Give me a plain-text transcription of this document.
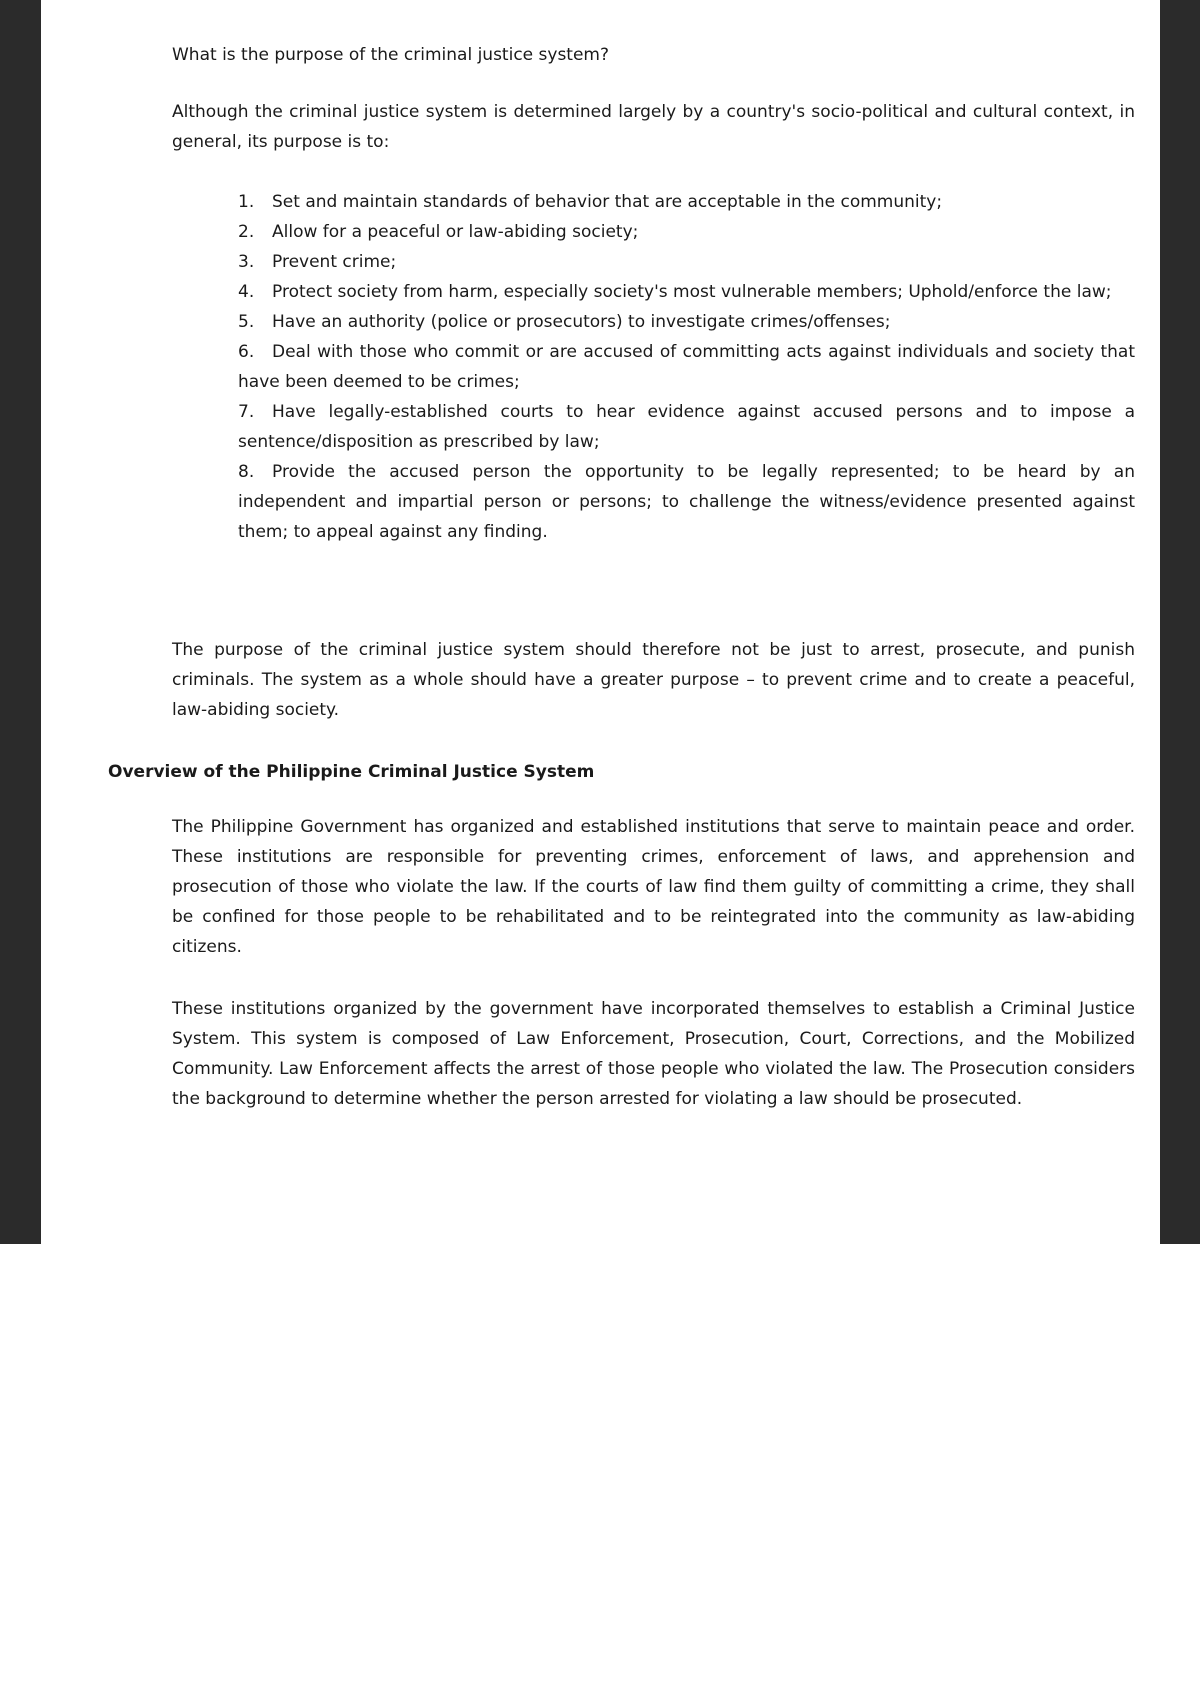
What is the purpose of the criminal justice system?

Although the criminal justice system is determined largely by a country's socio-political and cultural context, in general, its purpose is to:

1. Set and maintain standards of behavior that are acceptable in the community;
2. Allow for a peaceful or law-abiding society;
3. Prevent crime;
4. Protect society from harm, especially society's most vulnerable members; Uphold/enforce the law;
5. Have an authority (police or prosecutors) to investigate crimes/offenses;
6. Deal with those who commit or are accused of committing acts against individuals and society that have been deemed to be crimes;
7. Have legally-established courts to hear evidence against accused persons and to impose a sentence/disposition as prescribed by law;
8. Provide the accused person the opportunity to be legally represented; to be heard by an independent and impartial person or persons; to challenge the witness/evidence presented against them; to appeal against any finding.

The purpose of the criminal justice system should therefore not be just to arrest, prosecute, and punish criminals. The system as a whole should have a greater purpose – to prevent crime and to create a peaceful, law-abiding society.

Overview of the Philippine Criminal Justice System

The Philippine Government has organized and established institutions that serve to maintain peace and order. These institutions are responsible for preventing crimes, enforcement of laws, and apprehension and prosecution of those who violate the law. If the courts of law find them guilty of committing a crime, they shall be confined for those people to be rehabilitated and to be reintegrated into the community as law-abiding citizens.

These institutions organized by the government have incorporated themselves to establish a Criminal Justice System. This system is composed of Law Enforcement, Prosecution, Court, Corrections, and the Mobilized Community. Law Enforcement affects the arrest of those people who violated the law. The Prosecution considers the background to determine whether the person arrested for violating a law should be prosecuted.
